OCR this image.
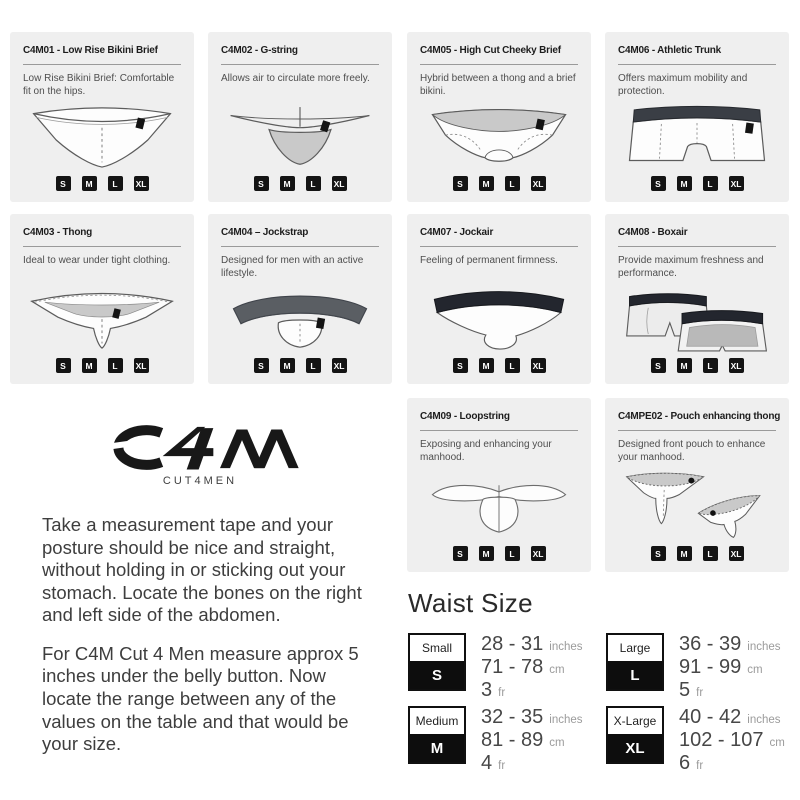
C4M01 - Low Rise Bikini Brief
Low Rise Bikini Brief: Comfortable fit on the hips.
S	M	L	XL
C4M02 - G-string
Allows air to circulate more freely.
S	M	L	XL
C4M05 - High Cut Cheeky Brief
Hybrid between a thong and a brief bikini.
S	M	L	XL
C4M06 - Athletic Trunk
Offers maximum mobility and protection.
S	M	L	XL
C4M03 - Thong
Ideal to wear under tight clothing.
S	M	L	XL
C4M04 – Jockstrap
Designed for men with an active lifestyle.
S	M	L	XL
C4M07 - Jockair
Feeling of permanent firmness.
S	M	L	XL
C4M08 - Boxair
Provide maximum freshness and performance.
S	M	L	XL
C4M09 - Loopstring
Exposing and enhancing your manhood.
S	M	L	XL
C4MPE02 - Pouch enhancing thong
Designed front pouch to enhance your manhood.
S	M	L	XL
CUT4MEN

Take a measurement tape and your posture should be nice and straight, without holding in or sticking out your stomach. Locate the bones on the right and left side of the abdomen.

For C4M Cut 4 Men measure approx 5 inches under the belly button. Now locate the range between any of the values on the table and that would be your size.

Waist Size
Small
S
28 - 31 inches
71 - 78 cm
3 fr
Large
L
36 - 39 inches
91 - 99 cm
5 fr
Medium
M
32 - 35 inches
81 - 89 cm
4 fr
X-Large
XL
40 - 42 inches
102 - 107 cm
6 fr
